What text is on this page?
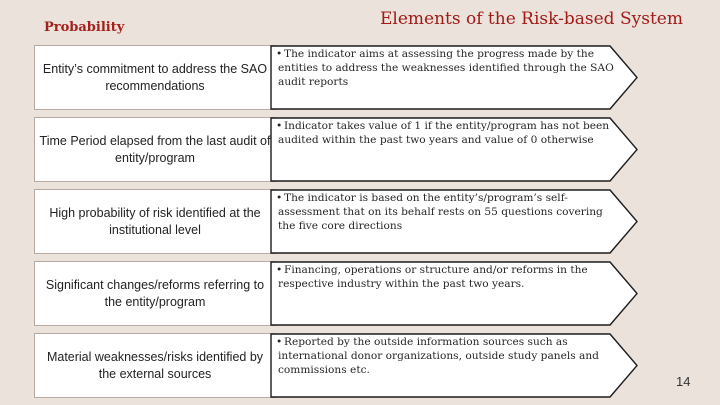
Probability	Elements of the Risk-based System
Entity’s commitment to address the SAO recommendations
• The indicator aims at assessing the progress made by the entities to address the weaknesses identified through the SAO audit reports
Time Period elapsed from the last audit of entity/program
• Indicator takes value of 1 if the entity/program has not been audited within the past two years and value of 0 otherwise
High probability of risk identified at the institutional level
• The indicator is based on the entity’s/program’s self-assessment that on its behalf rests on 55 questions covering the five core directions
Significant changes/reforms referring to the entity/program
• Financing, operations or structure and/or reforms in the respective industry within the past two years.
Material weaknesses/risks identified by the external sources
• Reported by the outside information sources such as international donor organizations, outside study panels and commissions etc.
14
